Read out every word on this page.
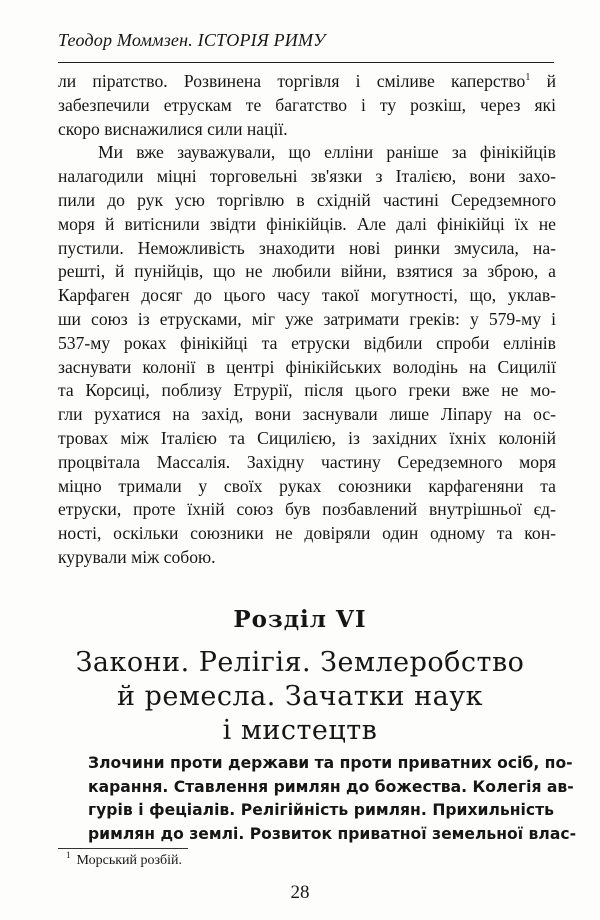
Теодор Моммзен. ІСТОРІЯ РИМУ
ли піратство. Розвинена торгівля і сміливе каперство$^1$ й
забезпечили етрускам те багатство і ту розкіш, через які
скоро виснажилися сили нації.
Ми вже зауважували, що елліни раніше за фінікійців
налагодили міцні торговельні зв'язки з Італією, вони захо-
пили до рук усю торгівлю в східній частині Середземного
моря й витіснили звідти фінікійців. Але далі фінікійці їх не
пустили. Неможливість знаходити нові ринки змусила, на-
решті, й пунійців, що не любили війни, взятися за зброю, а
Карфаген досяг до цього часу такої могутності, що, уклав-
ши союз із етрусками, міг уже затримати греків: у 579-му і
537-му роках фінікійці та етруски відбили спроби еллінів
заснувати колонії в центрі фінікійських володінь на Сицилії
та Корсиці, поблизу Етрурії, після цього греки вже не мо-
гли рухатися на захід, вони заснували лише Ліпару на ос-
тровах між Італією та Сицилією, із західних їхніх колоній
процвітала Массалія. Західну частину Середземного моря
міцно тримали у своїх руках союзники карфагеняни та
етруски, проте їхній союз був позбавлений внутрішньої єд-
ності, оскільки союзники не довіряли один одному та кон-
курували між собою.
Розділ VI
Закони. Релігія. Землеробство
й ремесла. Зачатки наук
і мистецтв
Злочини проти держави та проти приватних осіб, по-
карання. Ставлення римлян до божества. Колегія ав-
гурів і феціалів. Релігійність римлян. Прихильність
римлян до землі. Розвиток приватної земельної влас-
$^1$ Морський розбій.
28
